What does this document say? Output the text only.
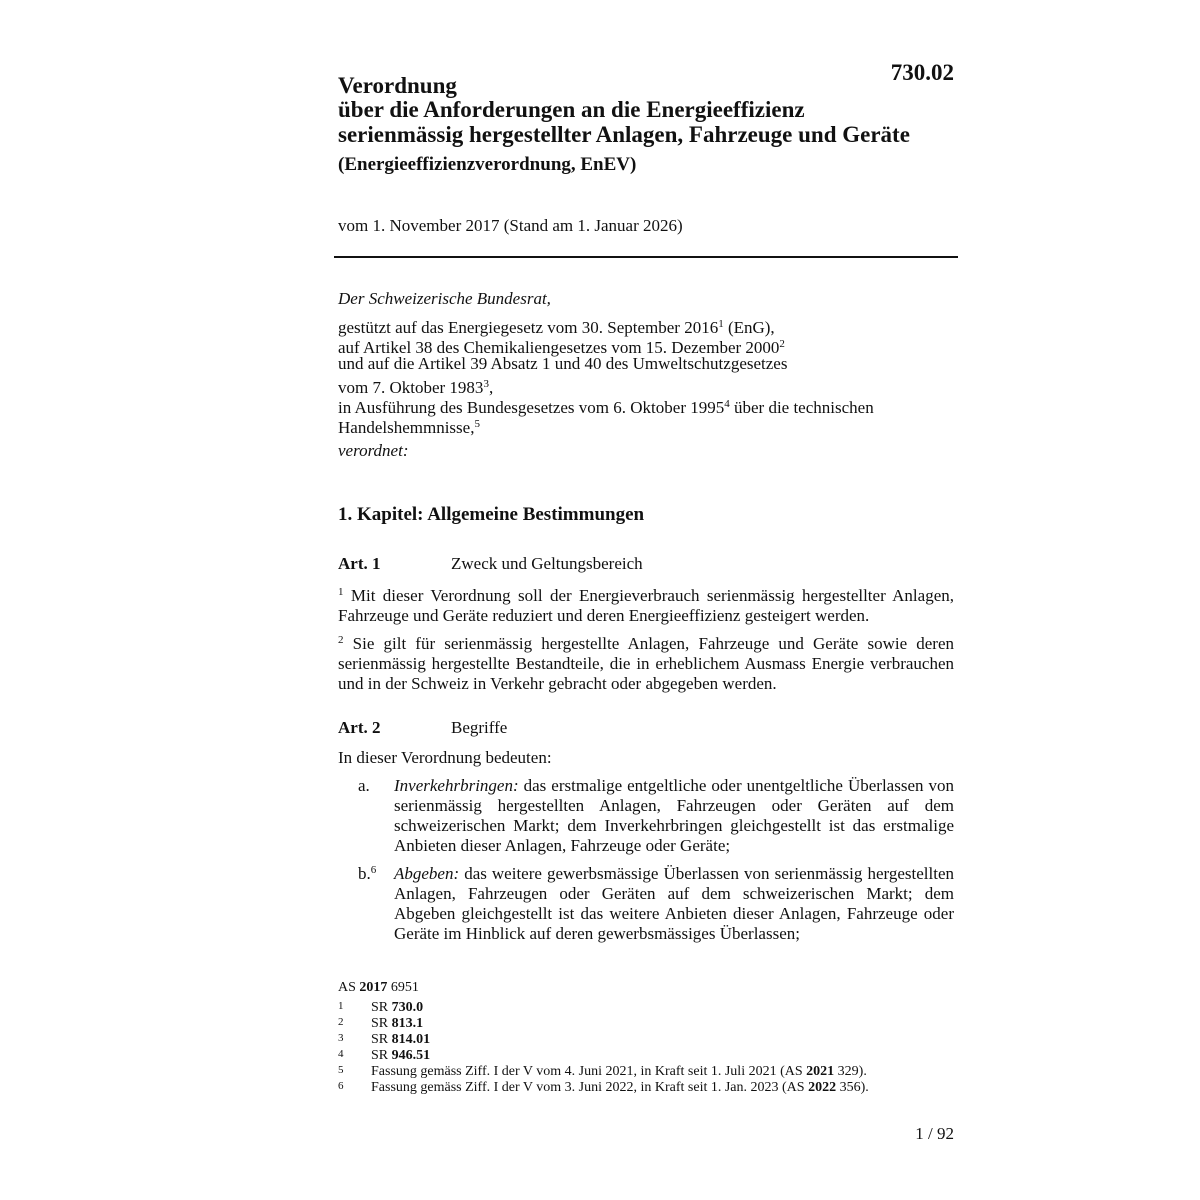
730.02
Verordnung
über die Anforderungen an die Energieeffizienz
serienmässig hergestellter Anlagen, Fahrzeuge und Geräte
(Energieeffizienzverordnung, EnEV)
vom 1. November 2017 (Stand am 1. Januar 2026)
Der Schweizerische Bundesrat,
gestützt auf das Energiegesetz vom 30. September 2016$^1$ (EnG),
auf Artikel 38 des Chemikaliengesetzes vom 15. Dezember 2000$^2$
und auf die Artikel 39 Absatz 1 und 40 des Umweltschutzgesetzes
vom 7. Oktober 1983$^3$,
in Ausführung des Bundesgesetzes vom 6. Oktober 1995$^4$ über die technischen
Handelshemmnisse,$^5$
verordnet:
1. Kapitel: Allgemeine Bestimmungen
Art. 1	Zweck und Geltungsbereich
$^1$ Mit dieser Verordnung soll der Energieverbrauch serienmässig hergestellter Anlagen, Fahrzeuge und Geräte reduziert und deren Energieeffizienz gesteigert werden.
$^2$ Sie gilt für serienmässig hergestellte Anlagen, Fahrzeuge und Geräte sowie deren serienmässig hergestellte Bestandteile, die in erheblichem Ausmass Energie verbrauchen und in der Schweiz in Verkehr gebracht oder abgegeben werden.
Art. 2	Begriffe
In dieser Verordnung bedeuten:
a. Inverkehrbringen: das erstmalige entgeltliche oder unentgeltliche Überlassen von serienmässig hergestellten Anlagen, Fahrzeugen oder Geräten auf dem schweizerischen Markt; dem Inverkehrbringen gleichgestellt ist das erstmalige Anbieten dieser Anlagen, Fahrzeuge oder Geräte;
b.$^6$ Abgeben: das weitere gewerbsmässige Überlassen von serienmässig hergestellten Anlagen, Fahrzeugen oder Geräten auf dem schweizerischen Markt; dem Abgeben gleichgestellt ist das weitere Anbieten dieser Anlagen, Fahrzeuge oder Geräte im Hinblick auf deren gewerbsmässiges Überlassen;
AS 2017 6951
1 SR 730.0
2 SR 813.1
3 SR 814.01
4 SR 946.51
5 Fassung gemäss Ziff. I der V vom 4. Juni 2021, in Kraft seit 1. Juli 2021 (AS 2021 329).
6 Fassung gemäss Ziff. I der V vom 3. Juni 2022, in Kraft seit 1. Jan. 2023 (AS 2022 356).
1 / 92
